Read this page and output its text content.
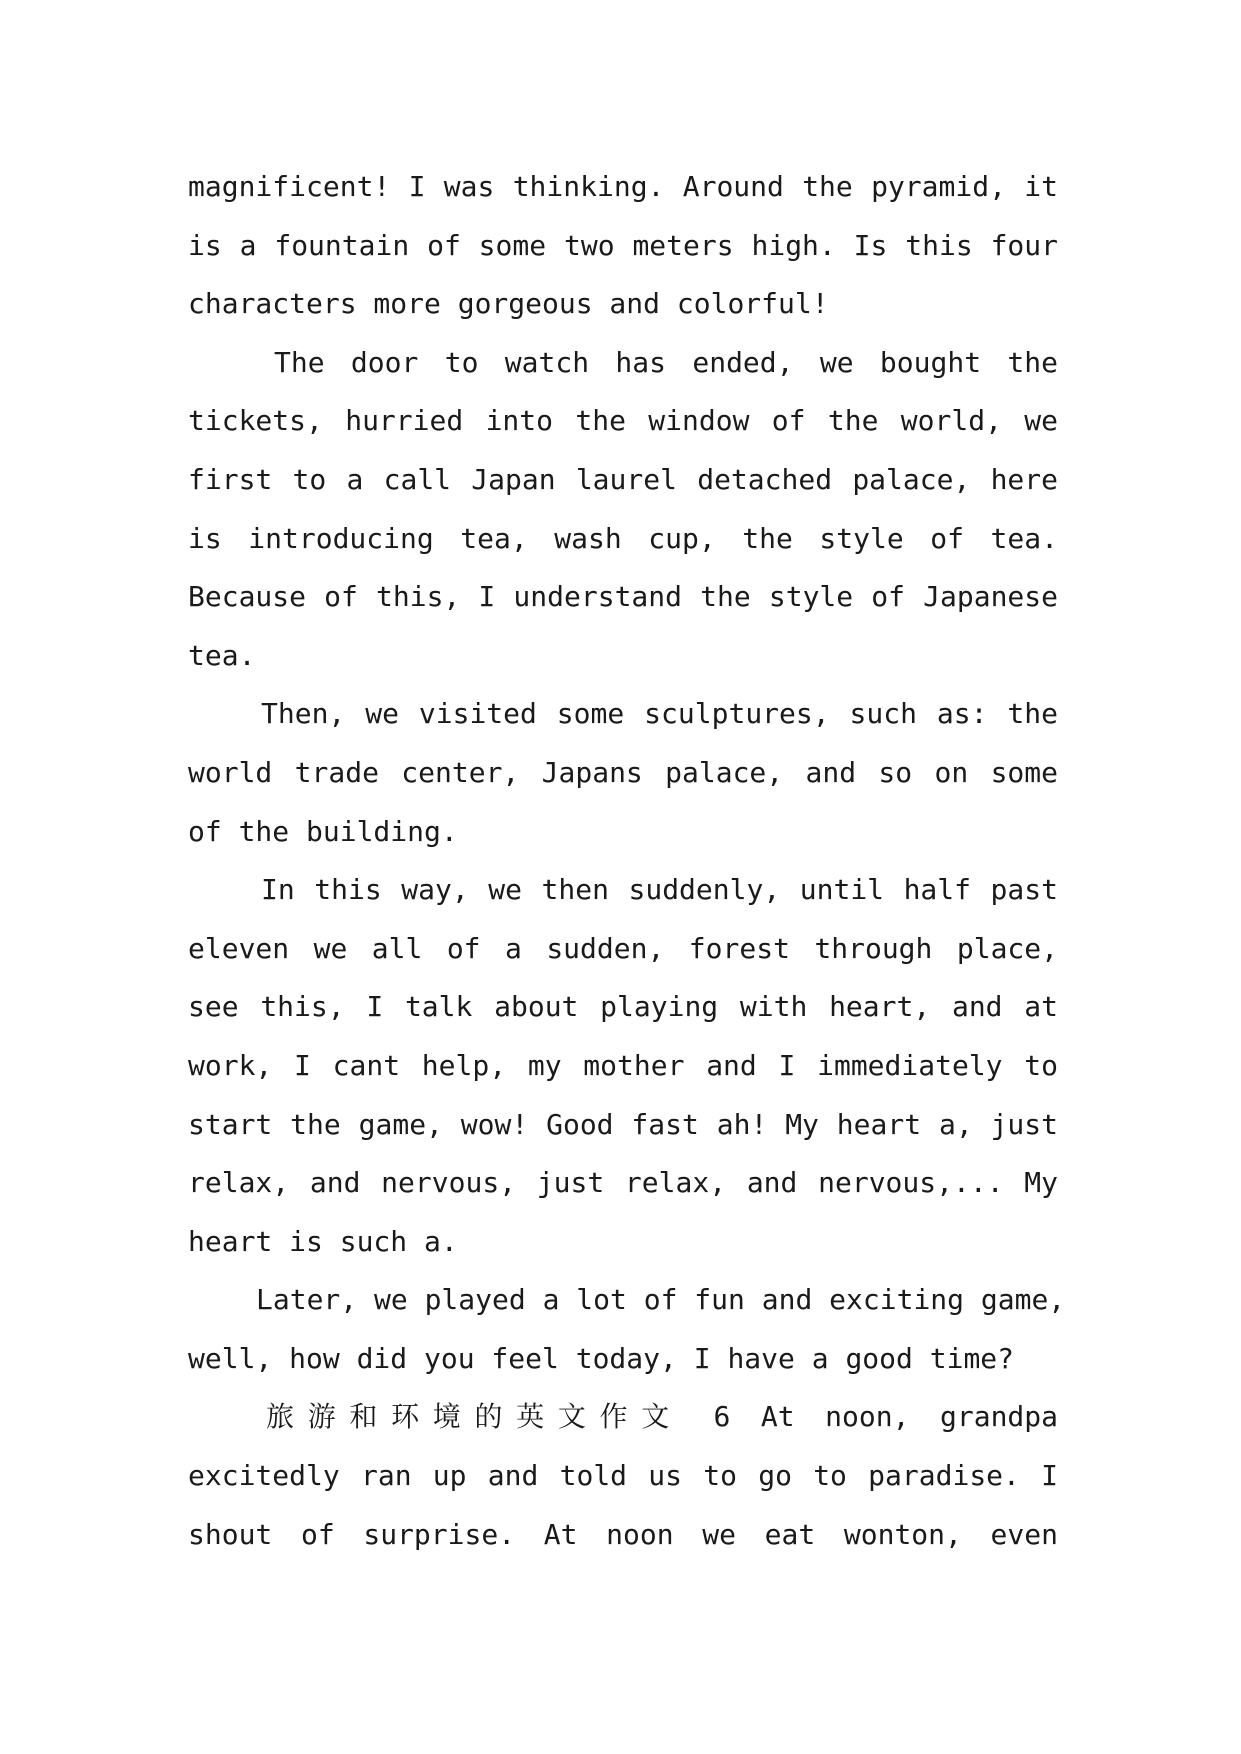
magnificent! I was thinking. Around the pyramid, it
is a fountain of some two meters high. Is this four
characters more gorgeous and colorful!
The door to watch has ended, we bought the
tickets, hurried into the window of the world, we
first to a call Japan laurel detached palace, here
is introducing tea, wash cup, the style of tea.
Because of this, I understand the style of Japanese
tea.
Then, we visited some sculptures, such as: the
world trade center, Japans palace, and so on some
of the building.
In this way, we then suddenly, until half past
eleven we all of a sudden, forest through place,
see this, I talk about playing with heart, and at
work, I cant help, my mother and I immediately to
start the game, wow! Good fast ah! My heart a, just
relax, and nervous, just relax, and nervous,... My
heart is such a.
Later, we played a lot of fun and exciting game,
well, how did you feel today, I have a good time?
旅游和环境的英文作文 6 At noon, grandpa
excitedly ran up and told us to go to paradise. I
shout of surprise. At noon we eat wonton, even
